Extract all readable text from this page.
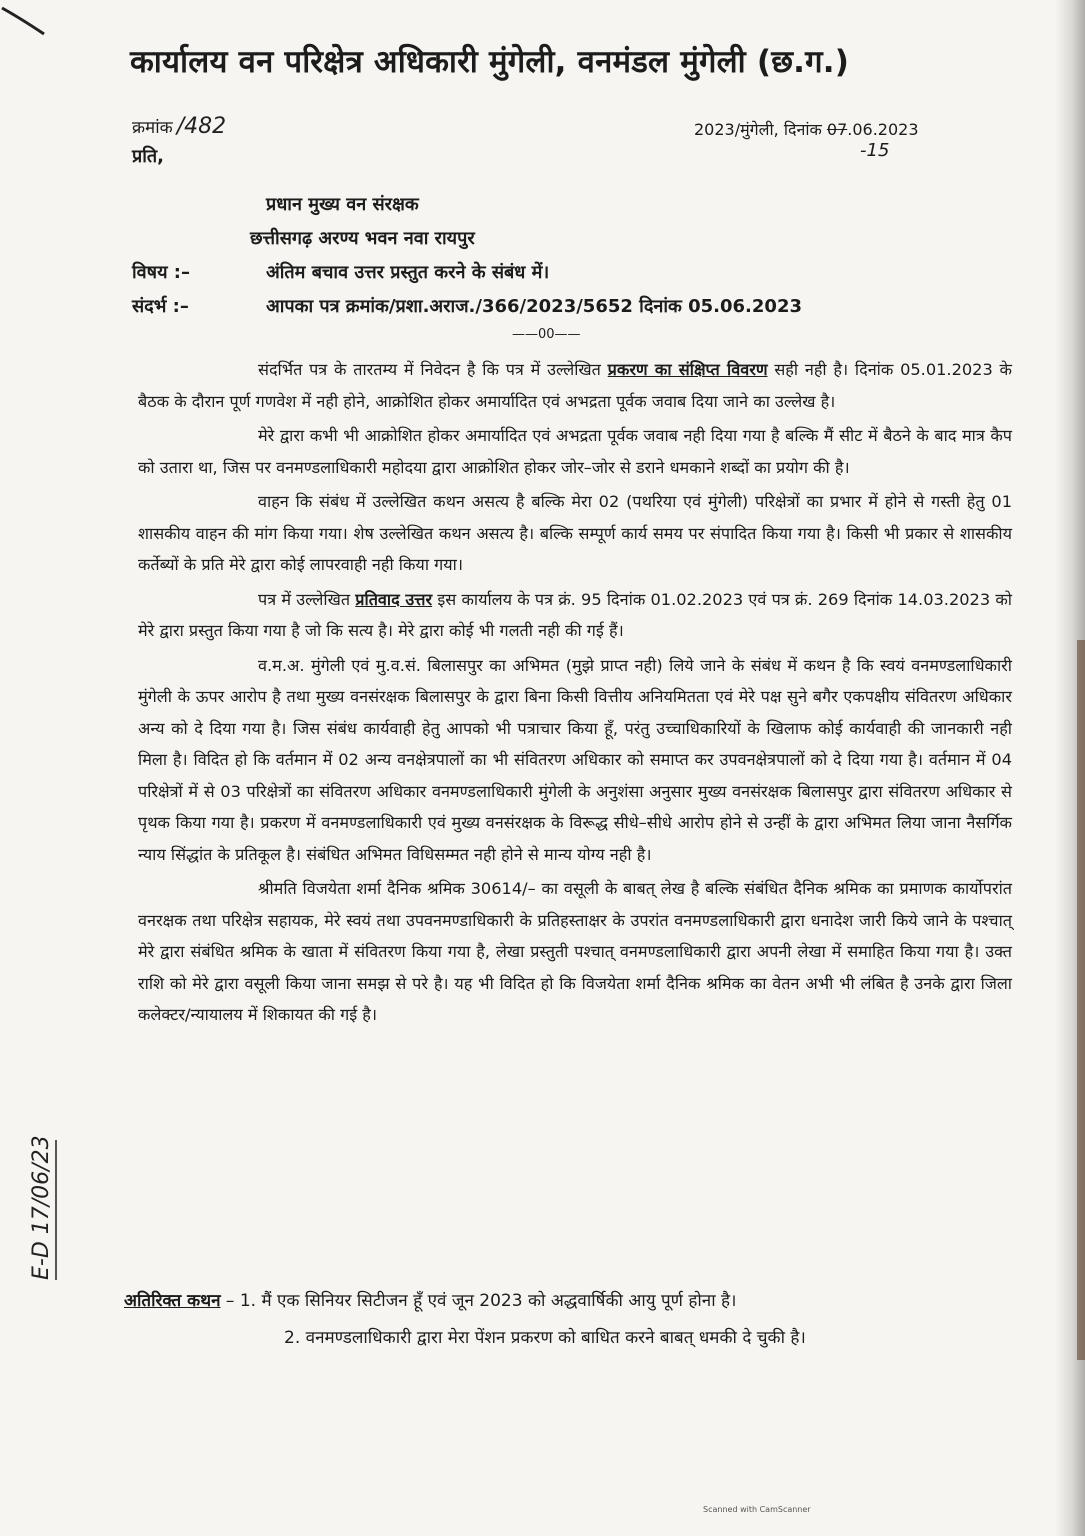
कार्यालय वन परिक्षेत्र अधिकारी मुंगेली, वनमंडल मुंगेली (छ.ग.)
क्रमांक /482
प्रति,
2023/मुंगेली, दिनांक 07.06.2023
-15
प्रधान मुख्य वन संरक्षक
छत्तीसगढ़ अरण्य भवन नवा रायपुर
विषय :–	अंतिम बचाव उत्तर प्रस्तुत करने के संबंध में।
संदर्भ :–	आपका पत्र क्रमांक/प्रशा.अराज./366/2023/5652 दिनांक 05.06.2023
——00——

संदर्भित पत्र के तारतम्य में निवेदन है कि पत्र में उल्लेखित प्रकरण का संक्षिप्त विवरण सही नही है। दिनांक 05.01.2023 के बैठक के दौरान पूर्ण गणवेश में नही होने, आक्रोशित होकर अमार्यादित एवं अभद्रता पूर्वक जवाब दिया जाने का उल्लेख है।

मेरे द्वारा कभी भी आक्रोशित होकर अमार्यादित एवं अभद्रता पूर्वक जवाब नही दिया गया है बल्कि मैं सीट में बैठने के बाद मात्र कैप को उतारा था, जिस पर वनमण्डलाधिकारी महोदया द्वारा आक्रोशित होकर जोर–जोर से डराने धमकाने शब्दों का प्रयोग की है।

वाहन कि संबंध में उल्लेखित कथन असत्य है बल्कि मेरा 02 (पथरिया एवं मुंगेली) परिक्षेत्रों का प्रभार में होने से गस्ती हेतु 01 शासकीय वाहन की मांग किया गया। शेष उल्लेखित कथन असत्य है। बल्कि सम्पूर्ण कार्य समय पर संपादित किया गया है। किसी भी प्रकार से शासकीय कर्तेब्यों के प्रति मेरे द्वारा कोई लापरवाही नही किया गया।

पत्र में उल्लेखित प्रतिवाद उत्तर इस कार्यालय के पत्र क्रं. 95 दिनांक 01.02.2023 एवं पत्र क्रं. 269 दिनांक 14.03.2023 को मेरे द्वारा प्रस्तुत किया गया है जो कि सत्य है। मेरे द्वारा कोई भी गलती नही की गई हैं।

व.म.अ. मुंगेली एवं मु.व.सं. बिलासपुर का अभिमत (मुझे प्राप्त नही) लिये जाने के संबंध में कथन है कि स्वयं वनमण्डलाधिकारी मुंगेली के ऊपर आरोप है तथा मुख्य वनसंरक्षक बिलासपुर के द्वारा बिना किसी वित्तीय अनियमितता एवं मेरे पक्ष सुने बगैर एकपक्षीय संवितरण अधिकार अन्य को दे दिया गया है। जिस संबंध कार्यवाही हेतु आपको भी पत्राचार किया हूँ, परंतु उच्चाधिकारियों के खिलाफ कोई कार्यवाही की जानकारी नही मिला है। विदित हो कि वर्तमान में 02 अन्य वनक्षेत्रपालों का भी संवितरण अधिकार को समाप्त कर उपवनक्षेत्रपालों को दे दिया गया है। वर्तमान में 04 परिक्षेत्रों में से 03 परिक्षेत्रों का संवितरण अधिकार वनमण्डलाधिकारी मुंगेली के अनुशंसा अनुसार मुख्य वनसंरक्षक बिलासपुर द्वारा संवितरण अधिकार से पृथक किया गया है। प्रकरण में वनमण्डलाधिकारी एवं मुख्य वनसंरक्षक के विरूद्ध सीधे–सीधे आरोप होने से उन्हीं के द्वारा अभिमत लिया जाना नैसर्गिक न्याय सिंद्धांत के प्रतिकूल है। संबंधित अभिमत विधिसम्मत नही होने से मान्य योग्य नही है।

श्रीमति विजयेता शर्मा दैनिक श्रमिक 30614/– का वसूली के बाबत् लेख है बल्कि संबंधित दैनिक श्रमिक का प्रमाणक कार्योपरांत वनरक्षक तथा परिक्षेत्र सहायक, मेरे स्वयं तथा उपवनमण्डाधिकारी के प्रतिहस्ताक्षर के उपरांत वनमण्डलाधिकारी द्वारा धनादेश जारी किये जाने के पश्चात् मेरे द्वारा संबंधित श्रमिक के खाता में संवितरण किया गया है, लेखा प्रस्तुती पश्चात् वनमण्डलाधिकारी द्वारा अपनी लेखा में समाहित किया गया है। उक्त राशि को मेरे द्वारा वसूली किया जाना समझ से परे है। यह भी विदित हो कि विजयेता शर्मा दैनिक श्रमिक का वेतन अभी भी लंबित है उनके द्वारा जिला कलेक्टर/न्यायालय में शिकायत की गई है।

अतिरिक्त कथन – 1. मैं एक सिनियर सिटीजन हूँ एवं जून 2023 को अद्धवार्षिकी आयु पूर्ण होना है।
2. वनमण्डलाधिकारी द्वारा मेरा पेंशन प्रकरण को बाधित करने बाबत् धमकी दे चुकी है।
E-D 17/06/23
Scanned with CamScanner
